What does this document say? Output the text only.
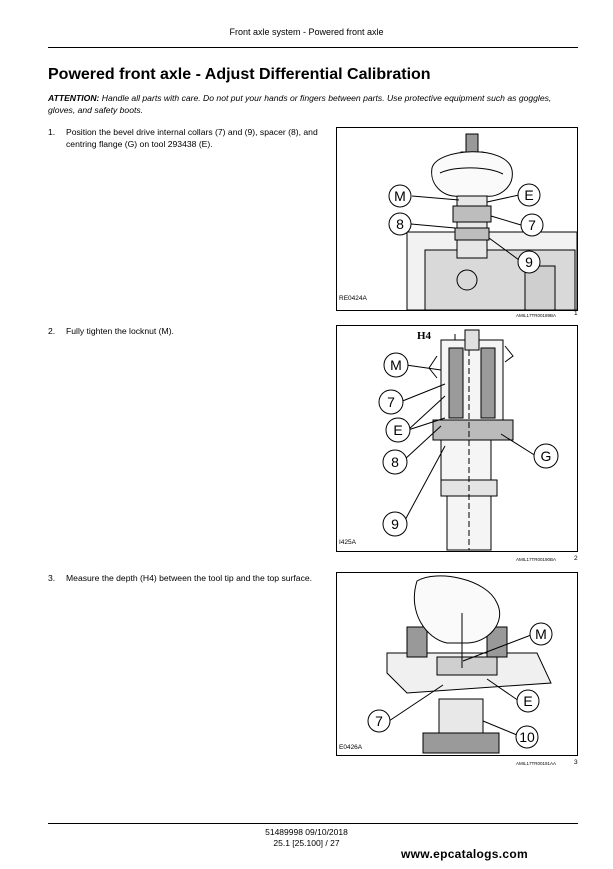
Front axle system - Powered front axle
Powered front axle - Adjust Differential Calibration
ATTENTION: Handle all parts with care. Do not put your hands or fingers between parts. Use protective equipment such as goggles, gloves, and safety boots.
1. Position the bevel drive internal collars (7) and (9), spacer (8), and centring flange (G) on tool 293438 (E).
M	E
8	7
9
RE0424A
AMIL17TR00189BA	1
2. Fully tighten the locknut (M).	H4
M
7
E
8	G
9
I425A
AMIL17TR00190BA	2
3. Measure the depth (H4) between the tool tip and the top surface.
M
E
7
10
E0426A
AMIL17TR00191AA	3
51489998 09/10/2018
25.1 [25.100] / 27
www.epcatalogs.com
